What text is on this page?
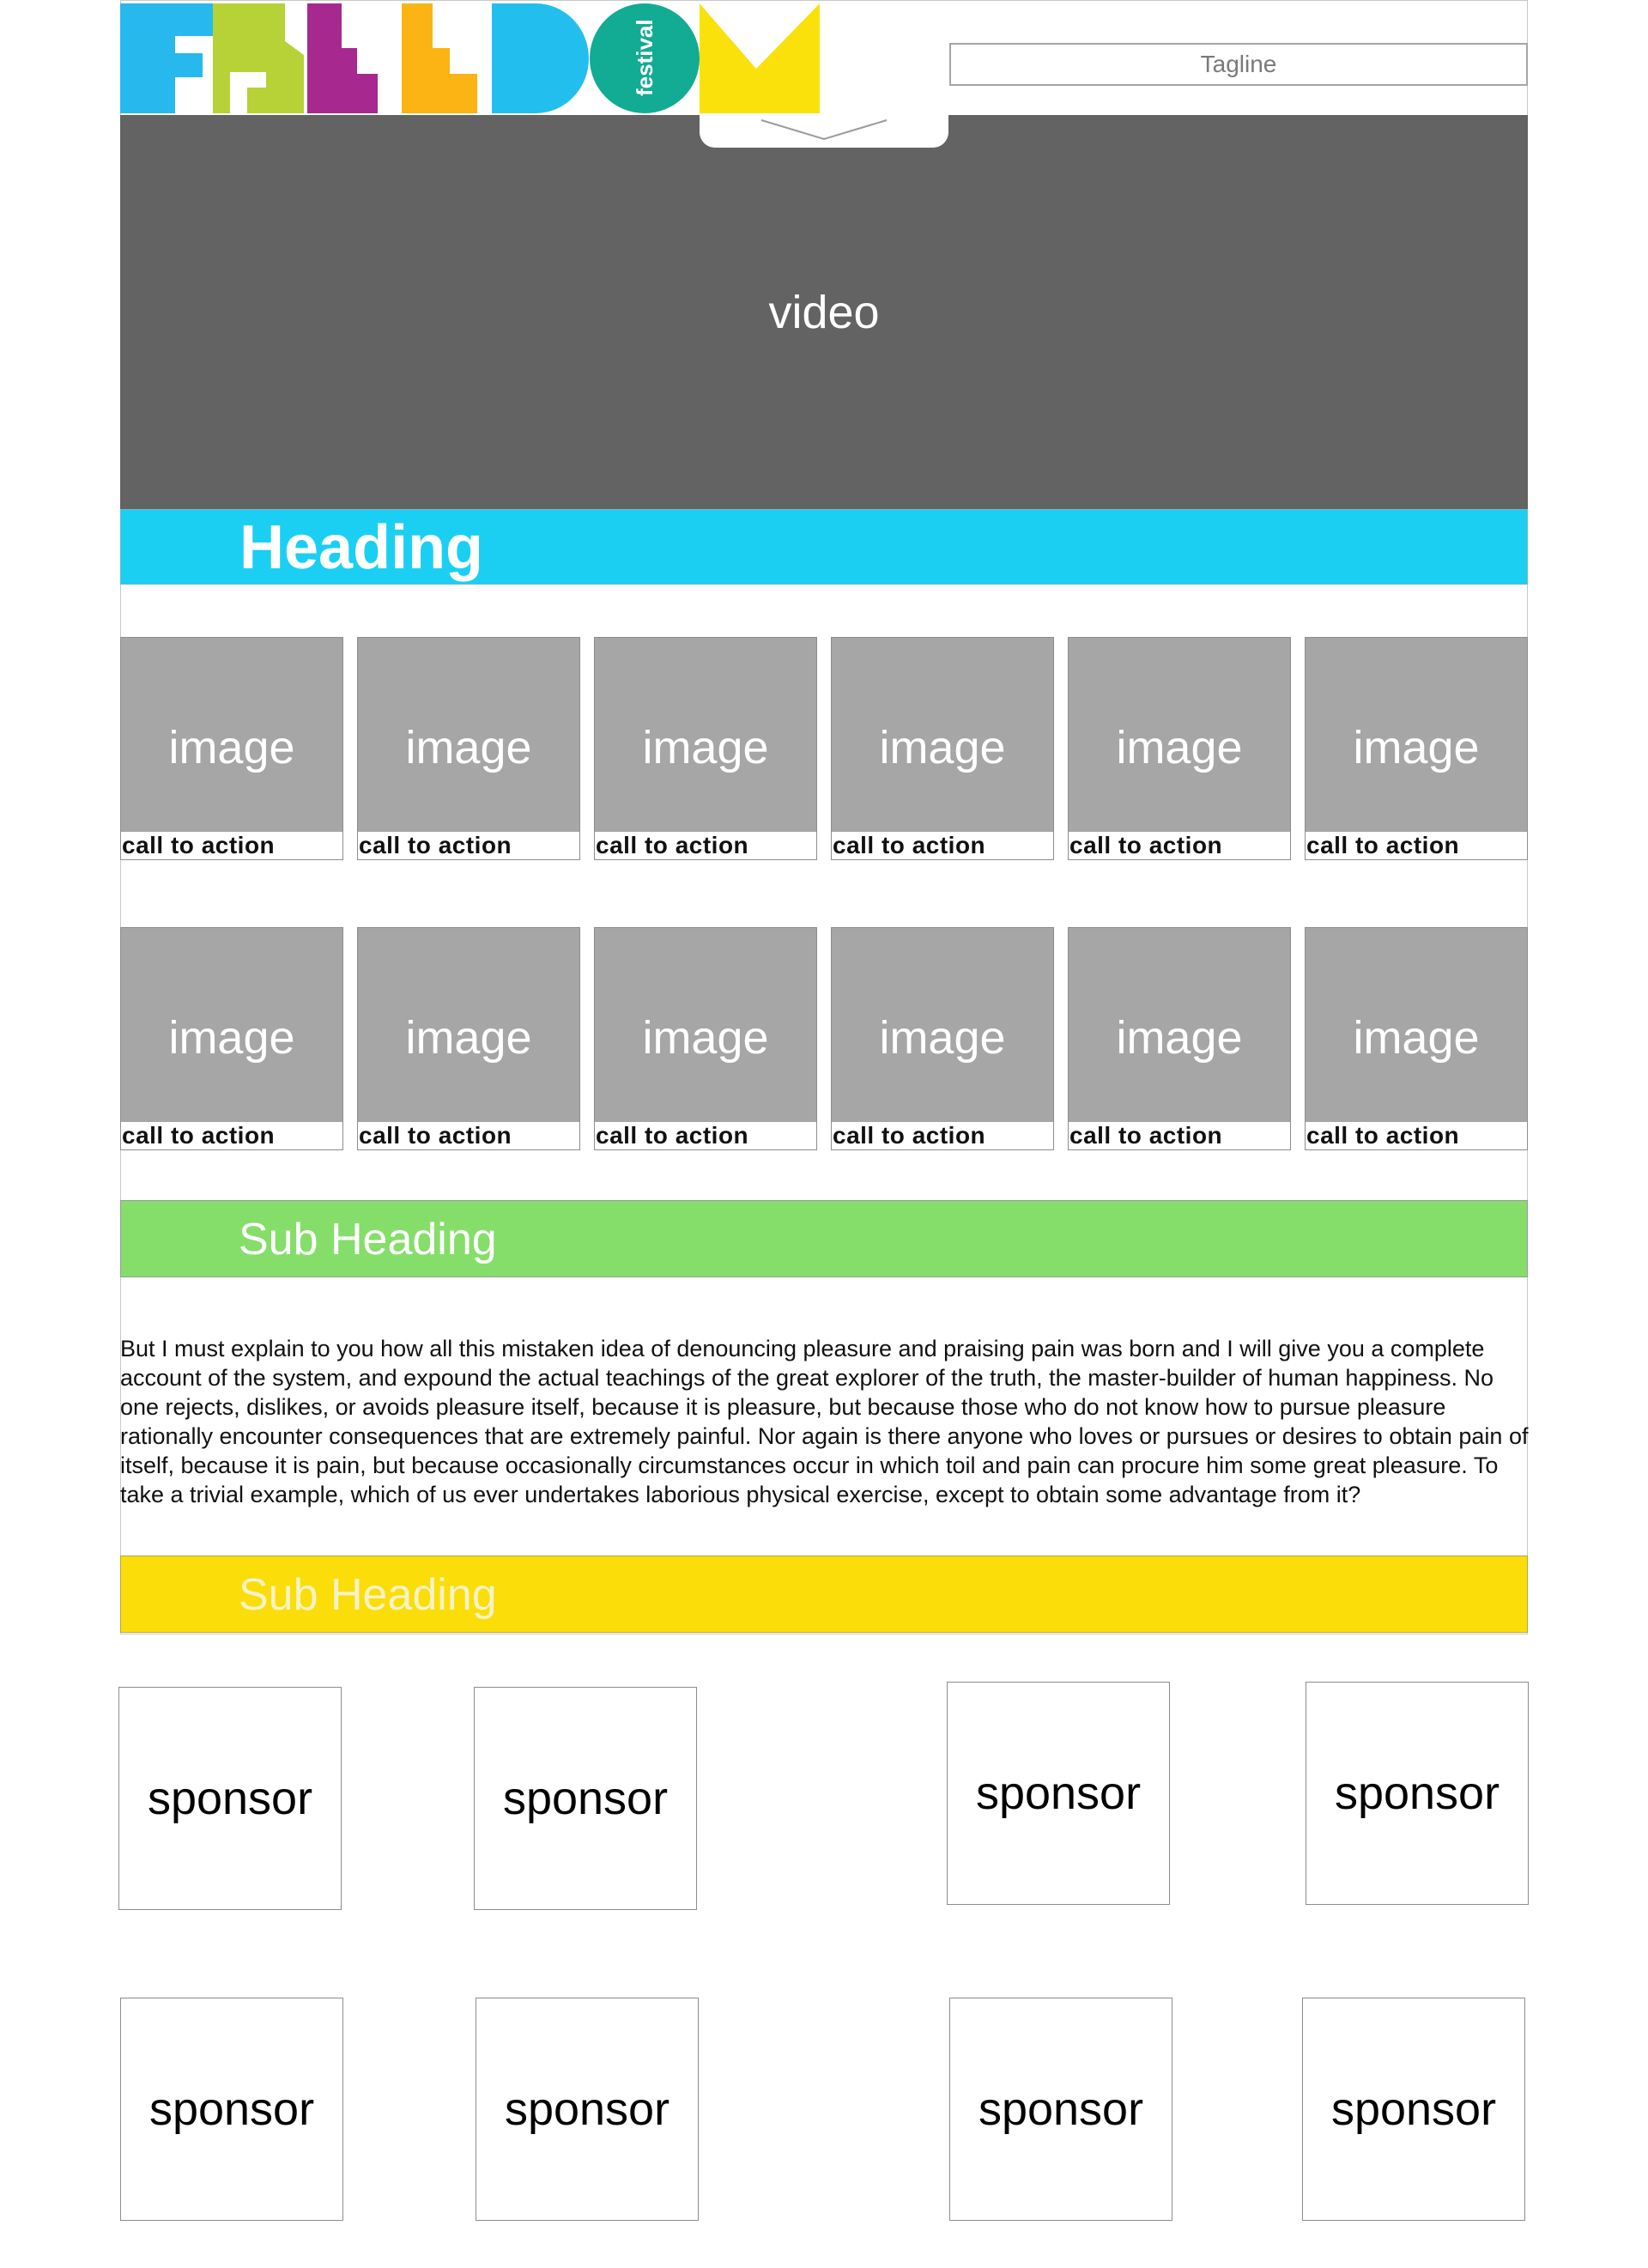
festival	Tagline
video
Heading
image
call to action
image
call to action
image
call to action
image
call to action
image
call to action
image
call to action
image
call to action
image
call to action
image
call to action
image
call to action
image
call to action
image
call to action
Sub Heading
But I must explain to you how all this mistaken idea of denouncing pleasure and praising pain was born and I will give you a complete account of the system, and expound the actual teachings of the great explorer of the truth, the master-builder of human happiness. No one rejects, dislikes, or avoids pleasure itself, because it is pleasure, but because those who do not know how to pursue pleasure rationally encounter consequences that are extremely painful. Nor again is there anyone who loves or pursues or desires to obtain pain of itself, because it is pain, but because occasionally circumstances occur in which toil and pain can procure him some great pleasure. To take a trivial example, which of us ever undertakes laborious physical exercise, except to obtain some advantage from it?
Sub Heading
sponsor	sponsor	sponsor	sponsor
sponsor	sponsor	sponsor	sponsor
